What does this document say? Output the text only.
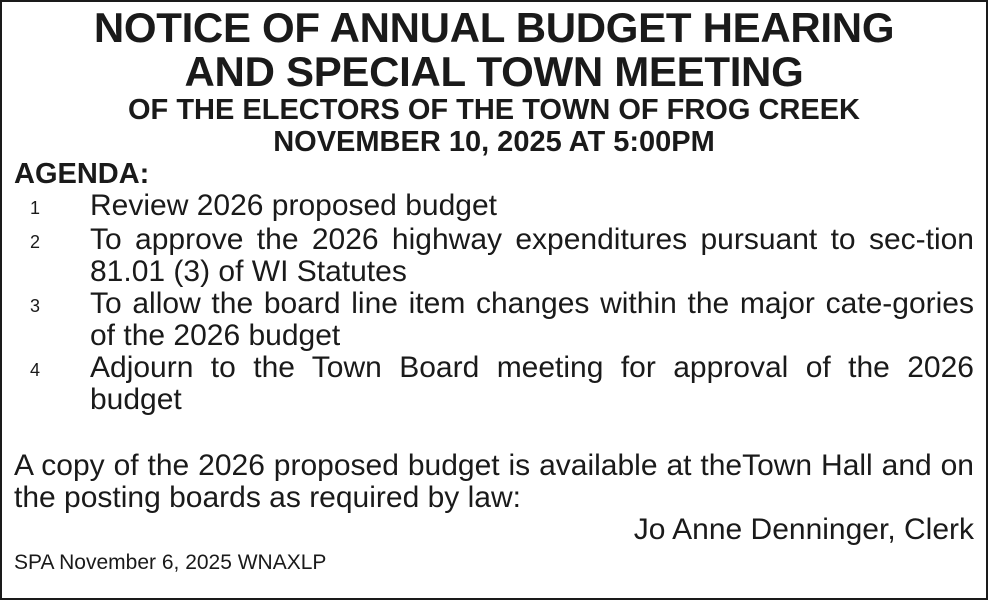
NOTICE OF ANNUAL BUDGET HEARING
AND SPECIAL TOWN MEETING
OF THE ELECTORS OF THE TOWN OF FROG CREEK
NOVEMBER 10, 2025 AT 5:00PM
AGENDA:
1	Review 2026 proposed budget
2	To approve the 2026 highway expenditures pursuant to sec-tion 81.01 (3) of WI Statutes
3	To allow the board line item changes within the major cate-gories of the 2026 budget
4	Adjourn to the Town Board meeting for approval of the 2026 budget

A copy of the 2026 proposed budget is available at theTown Hall and on the posting boards as required by law:

Jo Anne Denninger, Clerk

SPA November 6, 2025 WNAXLP
